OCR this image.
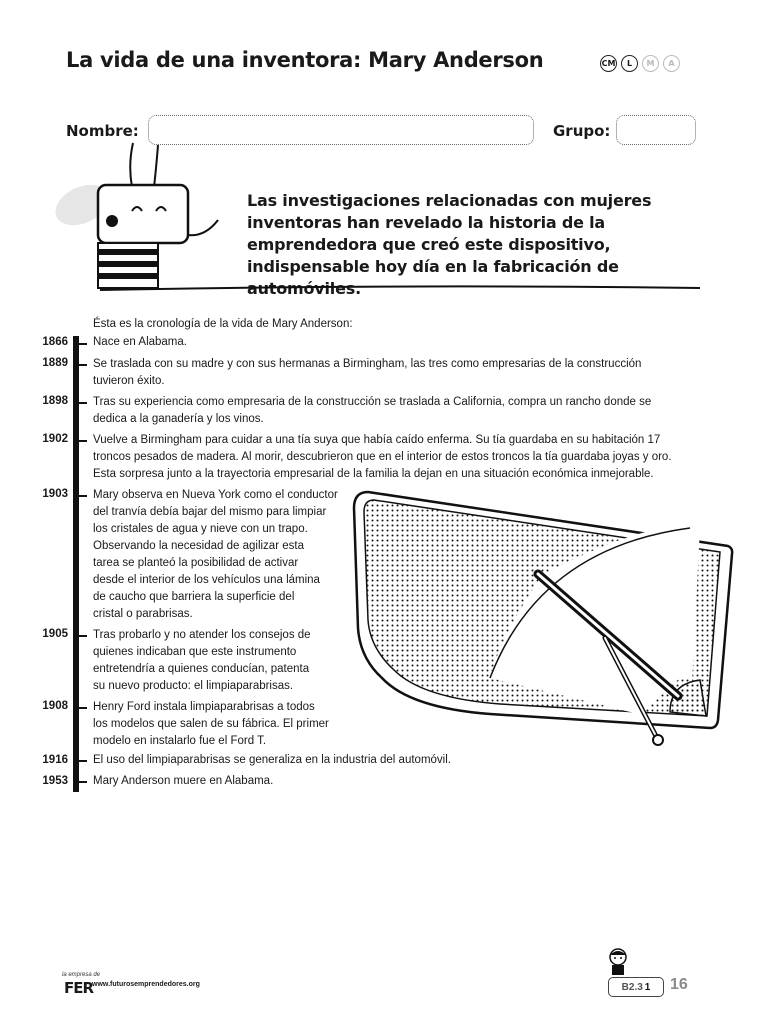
La vida de una inventora: Mary Anderson	CM	L	M	A
Nombre:	Grupo:
Las investigaciones relacionadas con mujeres inventoras han revelado la historia de la emprendedora que creó este dispositivo, indispensable hoy día en la fabricación de automóviles.
Ésta es la cronología de la vida de Mary Anderson:
1866 Nace en Alabama.
1889 Se traslada con su madre y con sus hermanas a Birmingham, las tres como empresarias de la construcción
tuvieron éxito.
1898 Tras su experiencia como empresaria de la construcción se traslada a California, compra un rancho donde se
dedica a la ganadería y los vinos.
1902 Vuelve a Birmingham para cuidar a una tía suya que había caído enferma. Su tía guardaba en su habitación 17
troncos pesados de madera. Al morir, descubrieron que en el interior de estos troncos la tía guardaba joyas y oro.
Esta sorpresa junto a la trayectoria empresarial de la familia la dejan en una situación económica inmejorable.
1903 Mary observa en Nueva York como el conductor
del tranvía debía bajar del mismo para limpiar
los cristales de agua y nieve con un trapo.
Observando la necesidad de agilizar esta
tarea se planteó la posibilidad de activar
desde el interior de los vehículos una lámina
de caucho que barriera la superficie del
cristal o parabrisas.
1905 Tras probarlo y no atender los consejos de
quienes indicaban que este instrumento
entretendría a quienes conducían, patenta
su nuevo producto: el limpiaparabrisas.
1908 Henry Ford instala limpiaparabrisas a todos
los modelos que salen de su fábrica. El primer
modelo en instalarlo fue el Ford T.
1916 El uso del limpiaparabrisas se generaliza en la industria del automóvil.
1953 Mary Anderson muere en Alabama.
la empresa de
FER
www.futurosemprendedores.org	B2.3 1 16
